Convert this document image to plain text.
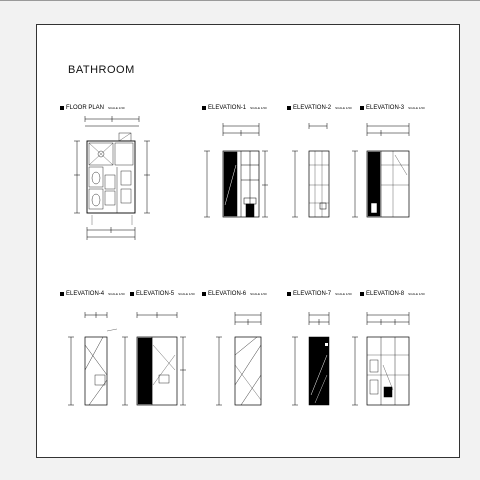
BATHROOM
FLOOR PLAN SCALE 1/30	ELEVATION-1 SCALE 1/30	ELEVATION-2 SCALE 1/30 ELEVATION-3 SCALE 1/30
ELEVATION-4 SCALE 1/30 ELEVATION-5 SCALE 1/30 ELEVATION-6 SCALE 1/30	ELEVATION-7 SCALE 1/30 ELEVATION-8 SCALE 1/30
